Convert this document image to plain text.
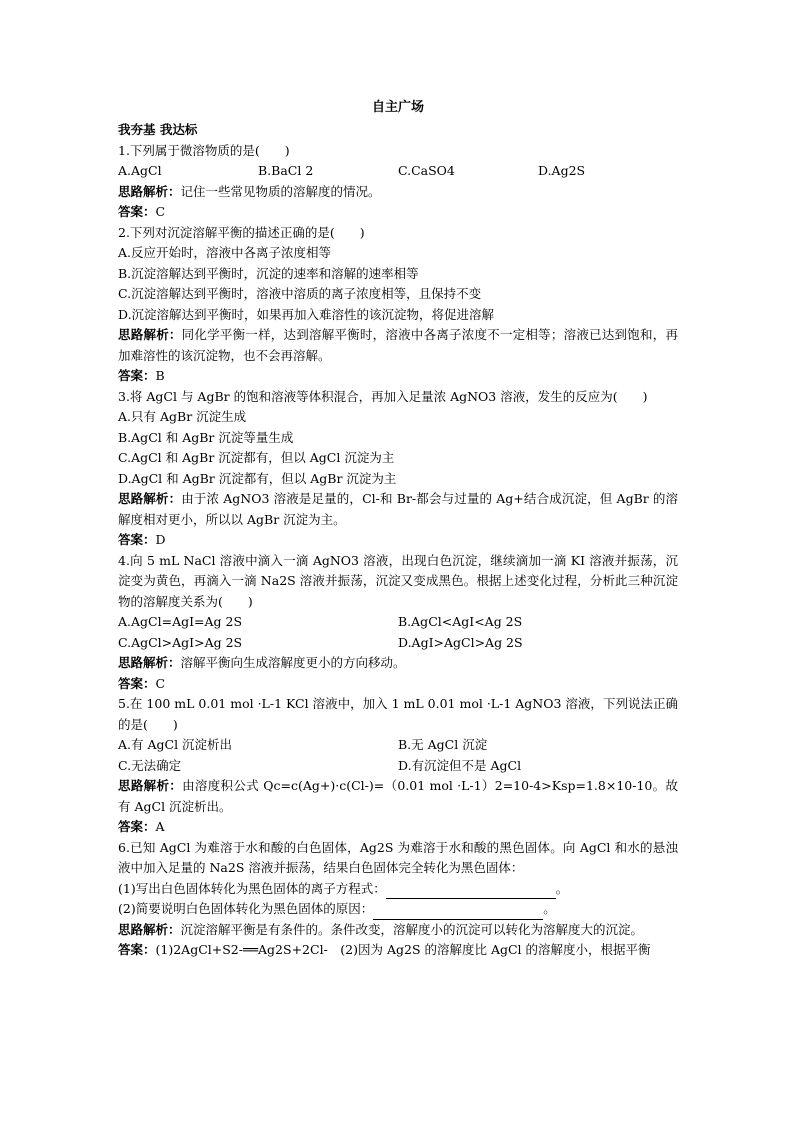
自主广场
我夯基 我达标
1.下列属于微溶物质的是(　　)
A.AgCl	B.BaCl 2	C.CaSO4	D.Ag2S
思路解析：记住一些常见物质的溶解度的情况。
答案：C
2.下列对沉淀溶解平衡的描述正确的是(　　)
A.反应开始时，溶液中各离子浓度相等
B.沉淀溶解达到平衡时，沉淀的速率和溶解的速率相等
C.沉淀溶解达到平衡时，溶液中溶质的离子浓度相等，且保持不变
D.沉淀溶解达到平衡时，如果再加入难溶性的该沉淀物，将促进溶解
思路解析：同化学平衡一样，达到溶解平衡时，溶液中各离子浓度不一定相等；溶液已达到饱和，再加难溶性的该沉淀物，也不会再溶解。
答案：B
3.将 AgCl 与 AgBr 的饱和溶液等体积混合，再加入足量浓 AgNO3 溶液，发生的反应为(　　)
A.只有 AgBr 沉淀生成
B.AgCl 和 AgBr 沉淀等量生成
C.AgCl 和 AgBr 沉淀都有，但以 AgCl 沉淀为主
D.AgCl 和 AgBr 沉淀都有，但以 AgBr 沉淀为主
思路解析：由于浓 AgNO3 溶液是足量的，Cl-和 Br-都会与过量的 Ag+结合成沉淀，但 AgBr 的溶解度相对更小，所以以 AgBr 沉淀为主。
答案：D
4.向 5 mL NaCl 溶液中滴入一滴 AgNO3 溶液，出现白色沉淀，继续滴加一滴 KI 溶液并振荡，沉淀变为黄色，再滴入一滴 Na2S 溶液并振荡，沉淀又变成黑色。根据上述变化过程，分析此三种沉淀物的溶解度关系为(　　)
A.AgCl=AgI=Ag 2S	B.AgCl<AgI<Ag 2S
C.AgCl>AgI>Ag 2S	D.AgI>AgCl>Ag 2S
思路解析：溶解平衡向生成溶解度更小的方向移动。
答案：C
5.在 100 mL 0.01 mol ·L-1 KCl 溶液中，加入 1 mL 0.01 mol ·L-1 AgNO3 溶液，下列说法正确的是(　　)
A.有 AgCl 沉淀析出	B.无 AgCl 沉淀
C.无法确定	D.有沉淀但不是 AgCl
思路解析：由溶度积公式 Qc=c(Ag+)·c(Cl-)=（0.01 mol ·L-1）2=10-4>Ksp=1.8×10-10。故有 AgCl 沉淀析出。
答案：A
6.已知 AgCl 为难溶于水和酸的白色固体，Ag2S 为难溶于水和酸的黑色固体。向 AgCl 和水的悬浊液中加入足量的 Na2S 溶液并振荡，结果白色固体完全转化为黑色固体：
(1)写出白色固体转化为黑色固体的离子方程式：	。
(2)简要说明白色固体转化为黑色固体的原因：	。
思路解析：沉淀溶解平衡是有条件的。条件改变，溶解度小的沉淀可以转化为溶解度大的沉淀。
答案：(1)2AgCl+S2-══Ag2S+2Cl-　(2)因为 Ag2S 的溶解度比 AgCl 的溶解度小，根据平衡
